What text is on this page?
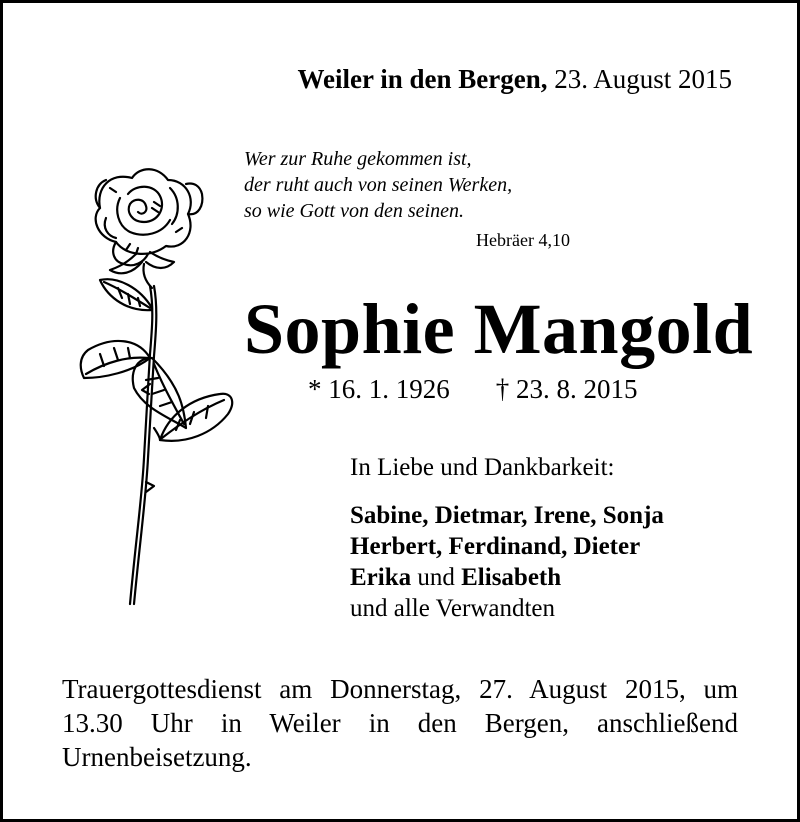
Weiler in den Bergen, 23. August 2015
Wer zur Ruhe gekommen ist,
der ruht auch von seinen Werken,
so wie Gott von den seinen.
Hebräer 4,10
Sophie Mangold
* 16. 1. 1926 † 23. 8. 2015
In Liebe und Dankbarkeit:
Sabine, Dietmar, Irene, Sonja
Herbert, Ferdinand, Dieter
Erika und Elisabeth
und alle Verwandten
Trauergottesdienst am Donnerstag, 27. August 2015, um 13.30 Uhr in Weiler in den Bergen, anschließend Urnenbeisetzung.
